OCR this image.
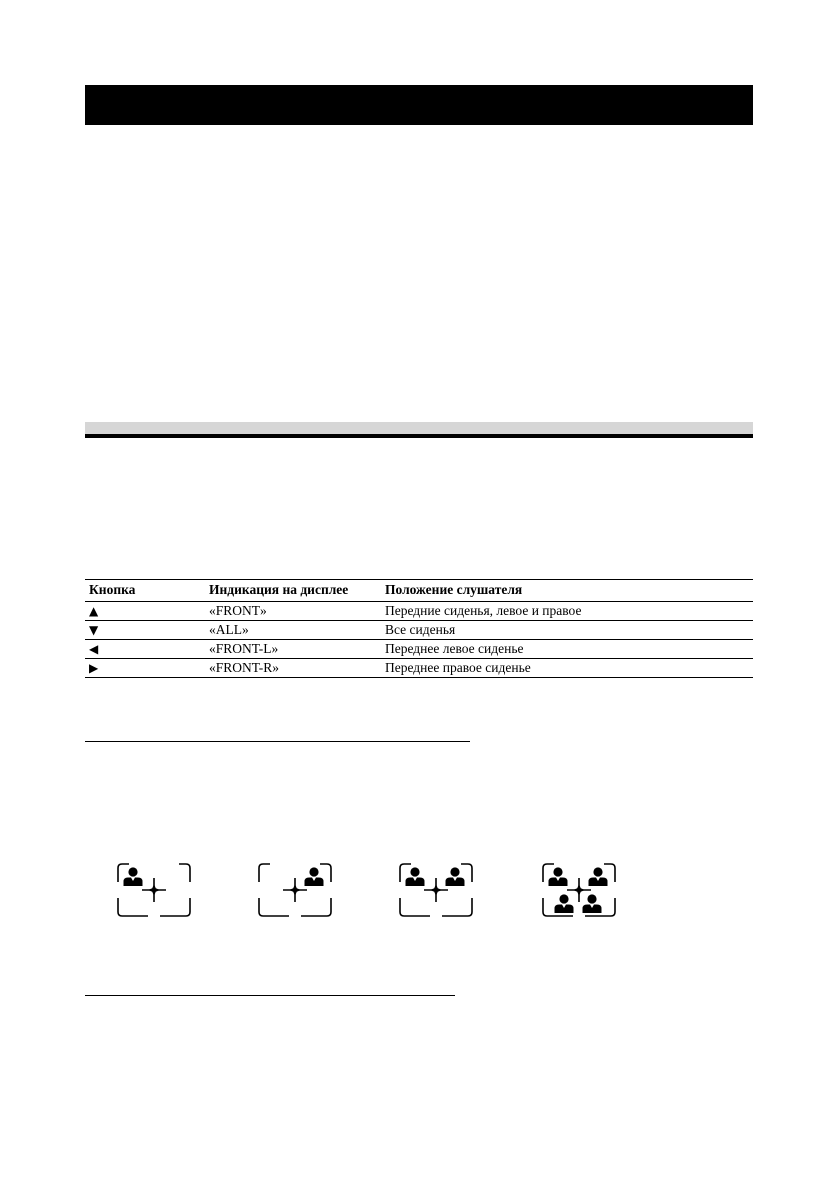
Кнопка	Индикация на дисплее	Положение слушателя
▲	«FRONT»	Передние сиденья, левое и правое
▼	«ALL»	Все сиденья
◀	«FRONT-L»	Переднее левое сиденье
▶	«FRONT-R»	Переднее правое сиденье
